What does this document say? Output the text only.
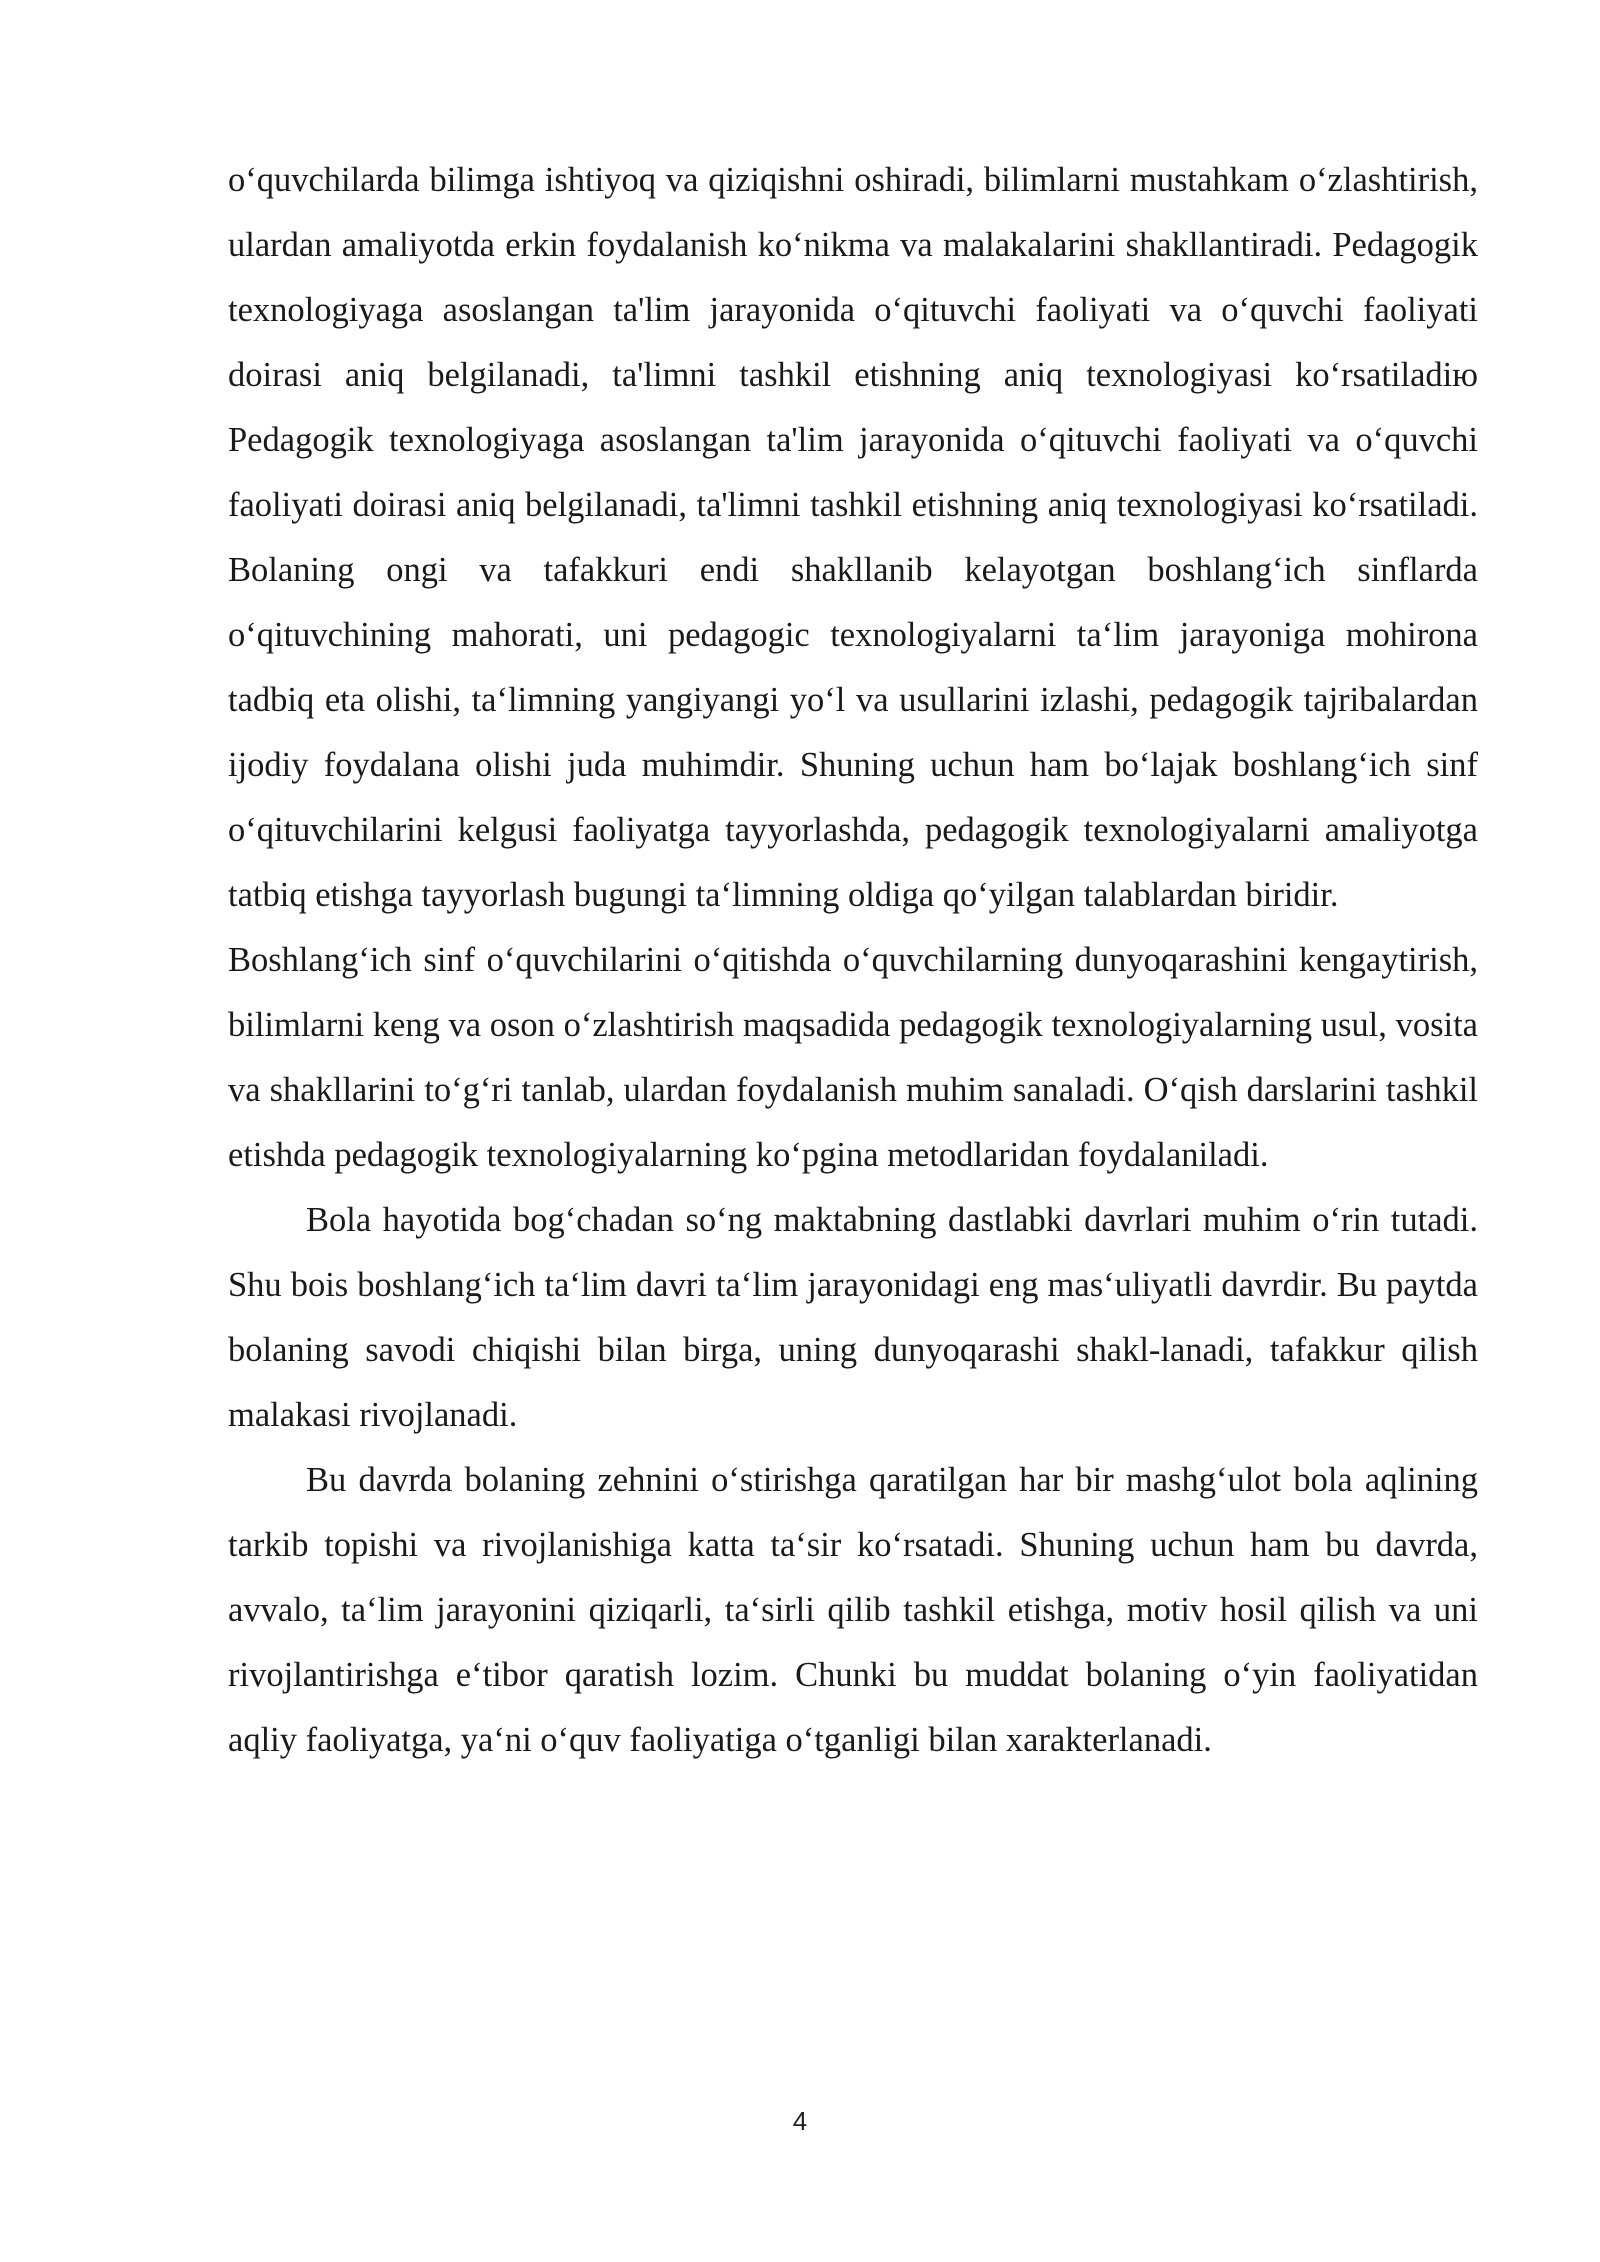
o‘quvchilarda bilimga ishtiyoq va qiziqishni oshiradi, bilimlarni mustahkam o‘zlashtirish, ulardan amaliyotda erkin foydalanish ko‘nikma va malakalarini shakllantiradi. Pedagogik texnologiyaga asoslangan ta'lim jarayonida o‘qituvchi faoliyati va o‘quvchi faoliyati doirasi aniq belgilanadi, ta'limni tashkil etishning aniq texnologiyasi ko‘rsatiladiю Pedagogik texnologiyaga asoslangan ta'lim jarayonida o‘qituvchi faoliyati va o‘quvchi faoliyati doirasi aniq belgilanadi, ta'limni tashkil etishning aniq texnologiyasi ko‘rsatiladi. Bolaning ongi va tafakkuri endi shakllanib kelayotgan boshlang‘ich sinflarda o‘qituvchining mahorati, uni pedagogic texnologiyalarni ta‘lim jarayoniga mohirona tadbiq eta olishi, ta‘limning yangiyangi yo‘l va usullarini izlashi, pedagogik tajribalardan ijodiy foydalana olishi juda muhimdir. Shuning uchun ham bo‘lajak boshlang‘ich sinf o‘qituvchilarini kelgusi faoliyatga tayyorlashda, pedagogik texnologiyalarni amaliyotga tatbiq etishga tayyorlash bugungi ta‘limning oldiga qo‘yilgan talablardan biridir.

Boshlang‘ich sinf o‘quvchilarini o‘qitishda o‘quvchilarning dunyoqarashini kengaytirish, bilimlarni keng va oson o‘zlashtirish maqsadida pedagogik texnologiyalarning usul, vosita va shakllarini to‘g‘ri tanlab, ulardan foydalanish muhim sanaladi. O‘qish darslarini tashkil etishda pedagogik texnologiyalarning ko‘pgina metodlaridan foydalaniladi.

Bola hayotida bog‘chadan so‘ng maktabning dastlabki davrlari muhim o‘rin tutadi. Shu bois boshlang‘ich ta‘lim davri ta‘lim jarayonidagi eng mas‘uliyatli davrdir. Bu paytda bolaning savodi chiqishi bilan birga, uning dunyoqarashi shakl-lanadi, tafakkur qilish malakasi rivojlanadi.

Bu davrda bolaning zehnini o‘stirishga qaratilgan har bir mashg‘ulot bola aqlining tarkib topishi va rivojlanishiga katta ta‘sir ko‘rsatadi. Shuning uchun ham bu davrda, avvalo, ta‘lim jarayonini qiziqarli, ta‘sirli qilib tashkil etishga, motiv hosil qilish va uni rivojlantirishga e‘tibor qaratish lozim. Chunki bu muddat bolaning o‘yin faoliyatidan aqliy faoliyatga, ya‘ni o‘quv faoliyatiga o‘tganligi bilan xarakterlanadi.

4
